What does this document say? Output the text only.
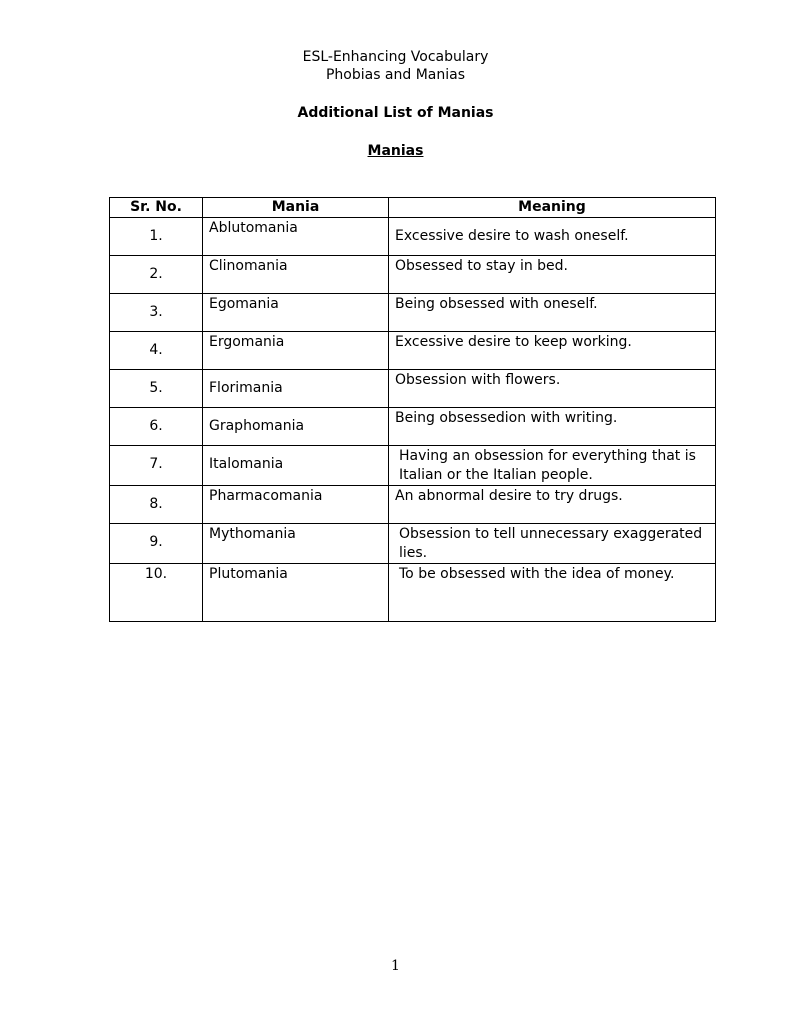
ESL-Enhancing Vocabulary
Phobias and Manias
Additional List of Manias
Manias
Sr. No.	Mania	Meaning
1.	Ablutomania	Excessive desire to wash oneself.
2.	Clinomania	Obsessed to stay in bed.
3.	Egomania	Being obsessed with oneself.
4.	Ergomania	Excessive desire to keep working.
5.	Florimania	Obsession with flowers.
6.	Graphomania	Being obsessedion with writing.
7.	Italomania	Having an obsession for everything that is Italian or the Italian people.
8.	Pharmacomania	An abnormal desire to try drugs.
9.	Mythomania	Obsession to tell unnecessary exaggerated lies.
10.	Plutomania	To be obsessed with the idea of money.
1
